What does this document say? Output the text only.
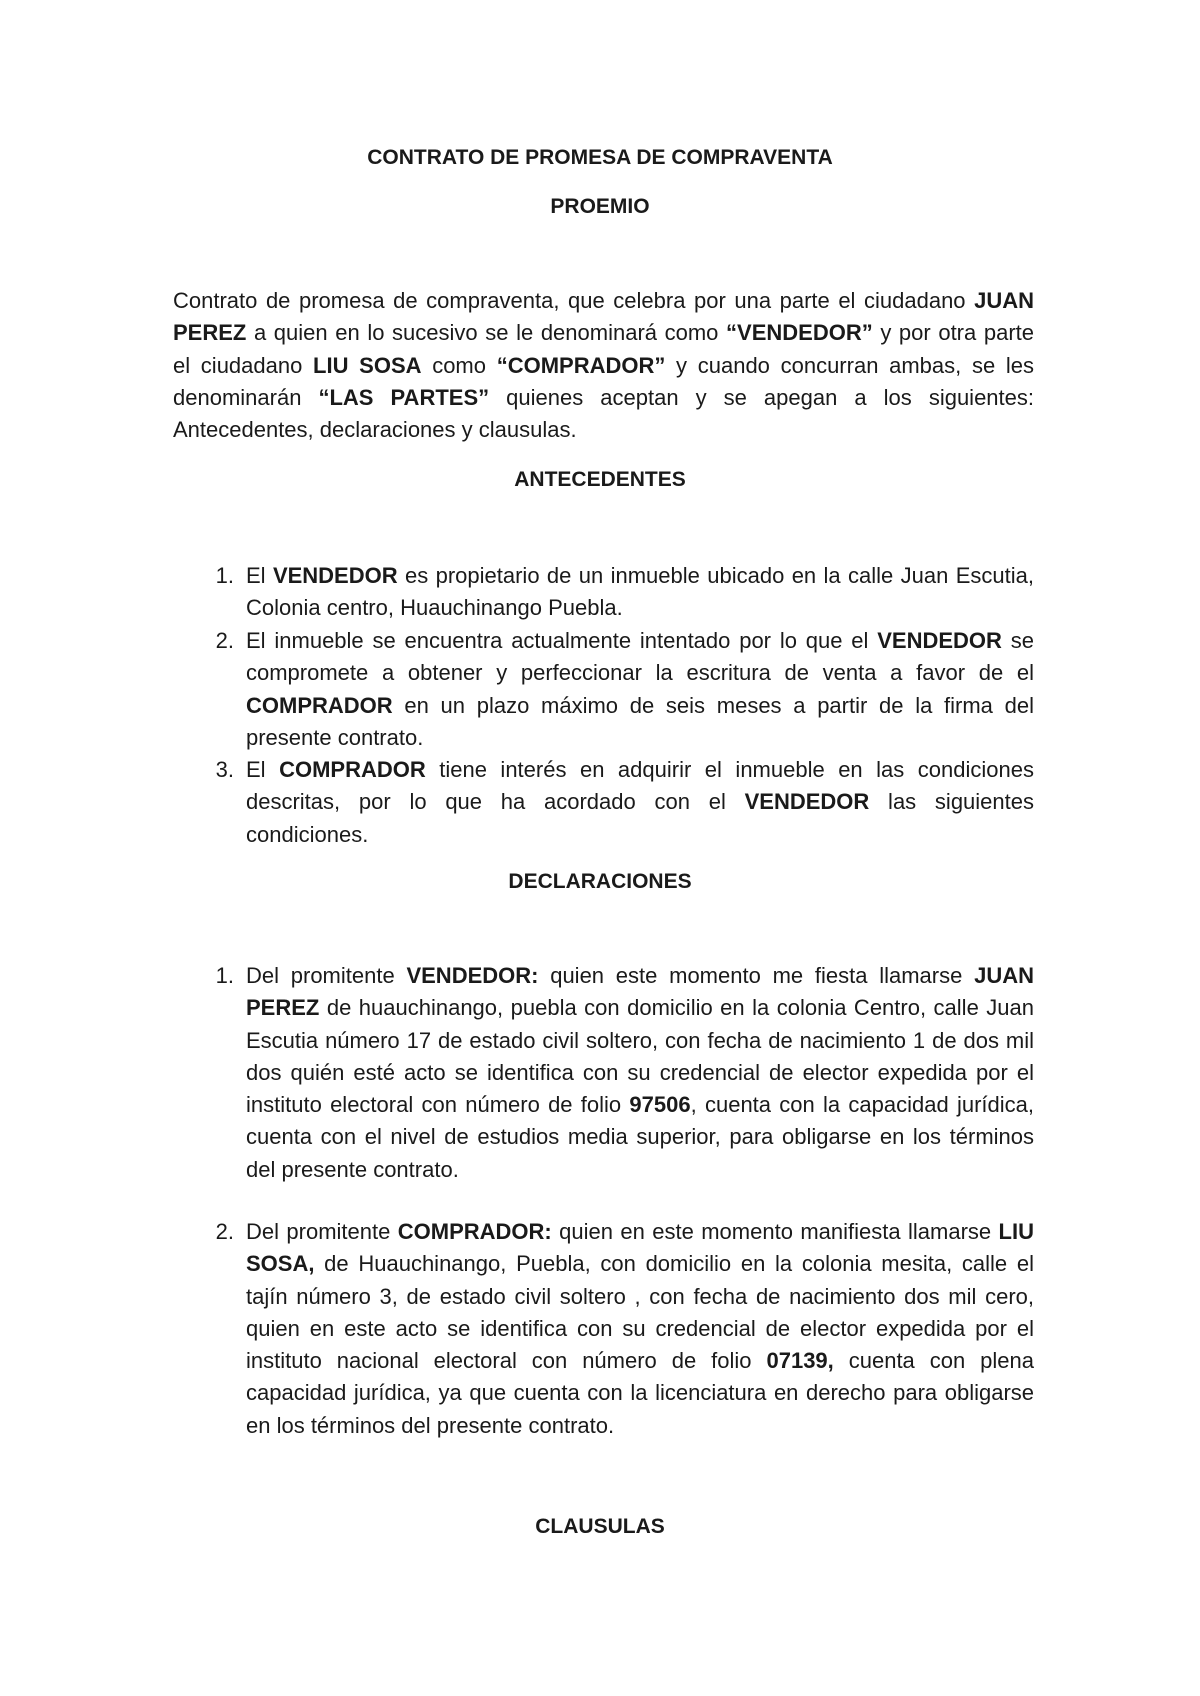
CONTRATO DE PROMESA DE COMPRAVENTA
PROEMIO

Contrato de promesa de compraventa, que celebra por una parte el ciudadano JUAN PEREZ a quien en lo sucesivo se le denominará como “VENDEDOR” y por otra parte el ciudadano LIU SOSA como “COMPRADOR” y cuando concurran ambas, se les denominarán “LAS PARTES” quienes aceptan y se apegan a los siguientes: Antecedentes, declaraciones y clausulas.

ANTECEDENTES

1. El VENDEDOR es propietario de un inmueble ubicado en la calle Juan Escutia, Colonia centro, Huauchinango Puebla.

2. El inmueble se encuentra actualmente intentado por lo que el VENDEDOR se compromete a obtener y perfeccionar la escritura de venta a favor de el COMPRADOR en un plazo máximo de seis meses a partir de la firma del presente contrato.

3. El COMPRADOR tiene interés en adquirir el inmueble en las condiciones descritas, por lo que ha acordado con el VENDEDOR las siguientes condiciones.

DECLARACIONES

1. Del promitente VENDEDOR: quien este momento me fiesta llamarse JUAN PEREZ de huauchinango, puebla con domicilio en la colonia Centro, calle Juan Escutia número 17 de estado civil soltero, con fecha de nacimiento 1 de dos mil dos quién esté acto se identifica con su credencial de elector expedida por el instituto electoral con número de folio 97506, cuenta con la capacidad jurídica, cuenta con el nivel de estudios media superior, para obligarse en los términos del presente contrato.

2. Del promitente COMPRADOR: quien en este momento manifiesta llamarse LIU SOSA, de Huauchinango, Puebla, con domicilio en la colonia mesita, calle el tajín número 3, de estado civil soltero , con fecha de nacimiento dos mil cero, quien en este acto se identifica con su credencial de elector expedida por el instituto nacional electoral con número de folio 07139, cuenta con plena capacidad jurídica, ya que cuenta con la licenciatura en derecho para obligarse en los términos del presente contrato.

CLAUSULAS
